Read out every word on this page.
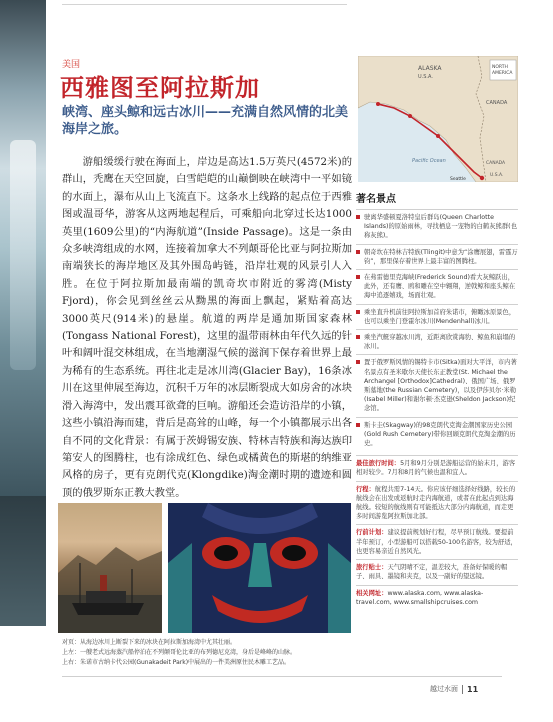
美国
西雅图至阿拉斯加
峡湾、座头鲸和远古冰川——充满自然风情的北美海岸之旅。

游船缓缓行驶在海面上，岸边是高达1.5万英尺(4572米)的群山，秃鹰在天空回旋，白雪皑皑的山巅倒映在峡湾中一平如镜的水面上，瀑布从山上飞流直下。这条水上线路的起点位于西雅图或温哥华，游客从这两地起程后，可乘船向北穿过长达1000英里(1609公里)的“内海航道”(Inside Passage)。这是一条由众多峡湾组成的水网，连接着加拿大不列颠哥伦比亚与阿拉斯加南端狭长的海岸地区及其外围岛屿链，沿岸壮观的风景引人入胜。在位于阿拉斯加最南端的凯奇坎市附近的雾湾(Misty Fjord)，你会见到丝丝云从黝黑的海面上飘起，紧贴着高达3000英尺(914米)的悬崖。航道的两岸是通加斯国家森林(Tongass National Forest)，这里的温带雨林由年代久远的针叶和阔叶混交林组成，在当地潮湿气候的滋润下保存着世界上最为稀有的生态系统。再往北走是冰川湾(Glacier Bay)，16条冰川在这里伸展至海边，沉积千万年的冰层断裂成大如房舍的冰块滑入海湾中，发出震耳欲聋的巨响。游船还会造访沿岸的小镇，这些小镇沿海而建，背后是高耸的山峰，每一个小镇都展示出各自不同的文化背景：有属于茨姆锡安族、特林吉特族和海达族印第安人的图腾柱，也有涂成红色、绿色或橘黄色的斯堪的纳维亚风格的房子，更有克朗代克(Klongdike)淘金潮时期的遗迹和圆顶的俄罗斯东正教大教堂。

NORTH
AMERICA
ALASKA
U.S.A.
CANADA
Pacific Ocean
Seattle
CANADA
U.S.A.
著名景点
驶离华盛顿夏洛特皇后群岛(Queen Charlotte Islands)的原始雨林，寻找栖息一宠物的白鹤灰熊群(也称灰熊)。
朝奇坎在特林吉特族(Tlingit)中意为“涂鹰展翅，雷霆万钧”，那里保存着世界上最丰富的图腾柱。
在弗雷德里克海峡(Frederick Sound)看大灰鲸跃出，此外，还有鹰、鸥和雕在空中翱翔，逆戟鲸和座头鲸在海中追逐嬉戏，场面壮观。
乘坐直升机前往阿拉斯加首府朱诺市，俯瞰冰原景色，也可以乘坐门登霍尔冰川(Mendenhall)冰川。
乘坐汽艇穿越冰川湾，近距离欣赏海豹、鲸鱼和崩塌的冰川。
置于俄罗斯风情的锡特卡市(Sitka)面对大平洋，市内著名景点有圣米歇尔天使长东正教堂(St. Michael the Archangel [Orthodox]Cathedral)、俄国广场、俄罗斯墓地(the Russian Cemetery)，以及伊莎贝尔·米勒(Isabel Miller)和谢尔顿·杰克逊(Sheldon Jackson)纪念馆。
斯卡圭(Skagway)的98克朗代克淘金潮国家历史公园(Gold Rush Cemetery)带你回顾克朗代克淘金潮的历史。
最佳旅行时间：5月和9月分别是游船运营的始末月，游客相对较少。7月和8月的气候也温和宜人。
行程：航程共需7-14天。你应该仔细选择好线路，较长的航线会在出发或返航时走内海航道，或者在此起点到达海航线。较短的航线则有可能抵达大部分内海航道，而走更多时间游览阿拉斯加北部。
行前计划：建议提前规划好行程，尽早预订航线。要提前半年预订，小型游船可以搭载50-100名游客，较为舒适，也更容易亲近自然风光。
旅行贴士：天气阴晴不定，温差较大，准备好保暖的帽子、雨具、墨镜和夹克，以及一副好的望远镜。
相关网址：www.alaska.com, www.alaska-travel.com, www.smallshipcruises.com
对页：从海边冰川上断裂下来的冰块在阿拉斯加海湾中尤其壮丽。
上左：一艘老式远海蒸汽船停泊在不列颠哥伦比亚的布列德尼克湾，身后是峰峰的山脉。
上右：朱诺市古纳卡代公园(Gunakadeit Park)中展出的一件美洲原住民木雕工艺品。
越过水面 11
